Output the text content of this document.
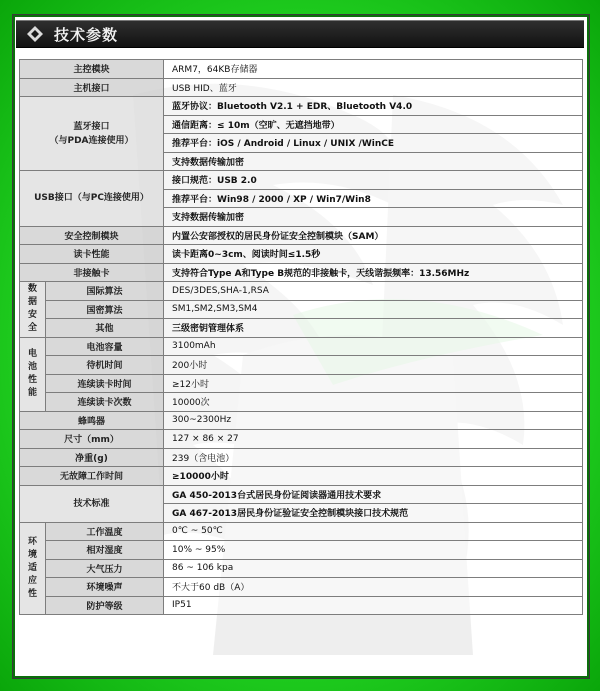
技术参数
主控模块		ARM7，64KB存储器
主机接口		USB HID、蓝牙

蓝牙接口
（与PDA连接使用）		蓝牙协议：Bluetooth V2.1 + EDR、Bluetooth V4.0
		通信距离：≤ 10m（空旷、无遮挡地带）
		推荐平台：iOS / Android / Linux / UNIX /WinCE
		支持数据传输加密
USB接口（与PC连接使用）		接口规范：USB 2.0
		推荐平台：Win98 / 2000 / XP / Win7/Win8
		支持数据传输加密
安全控制模块		内置公安部授权的居民身份证安全控制模块（SAM）
读卡性能		读卡距离0~3cm、阅读时间≤1.5秒
非接触卡		支持符合Type A和Type B规范的非接触卡，天线谐振频率：13.56MHz
数据安全	国际算法	DES/3DES,SHA-1,RSA
	国密算法	SM1,SM2,SM3,SM4
	其他	三级密钥管理体系
电池性能	电池容量	3100mAh
	待机时间	200小时
	连续读卡时间	≥12小时
	连续读卡次数	10000次
蜂鸣器		300~2300Hz
尺寸（mm）		127 × 86 × 27
净重(g)		239（含电池）
无故障工作时间		≥10000小时
技术标准		GA 450-2013台式居民身份证阅读器通用技术要求
		GA 467-2013居民身份证验证安全控制模块接口技术规范
环境适应性	工作温度	0℃ ~ 50℃
	相对湿度	10% ~ 95%
	大气压力	86 ~ 106 kpa
	环境噪声	不大于60 dB（A）
	防护等级	IP51
